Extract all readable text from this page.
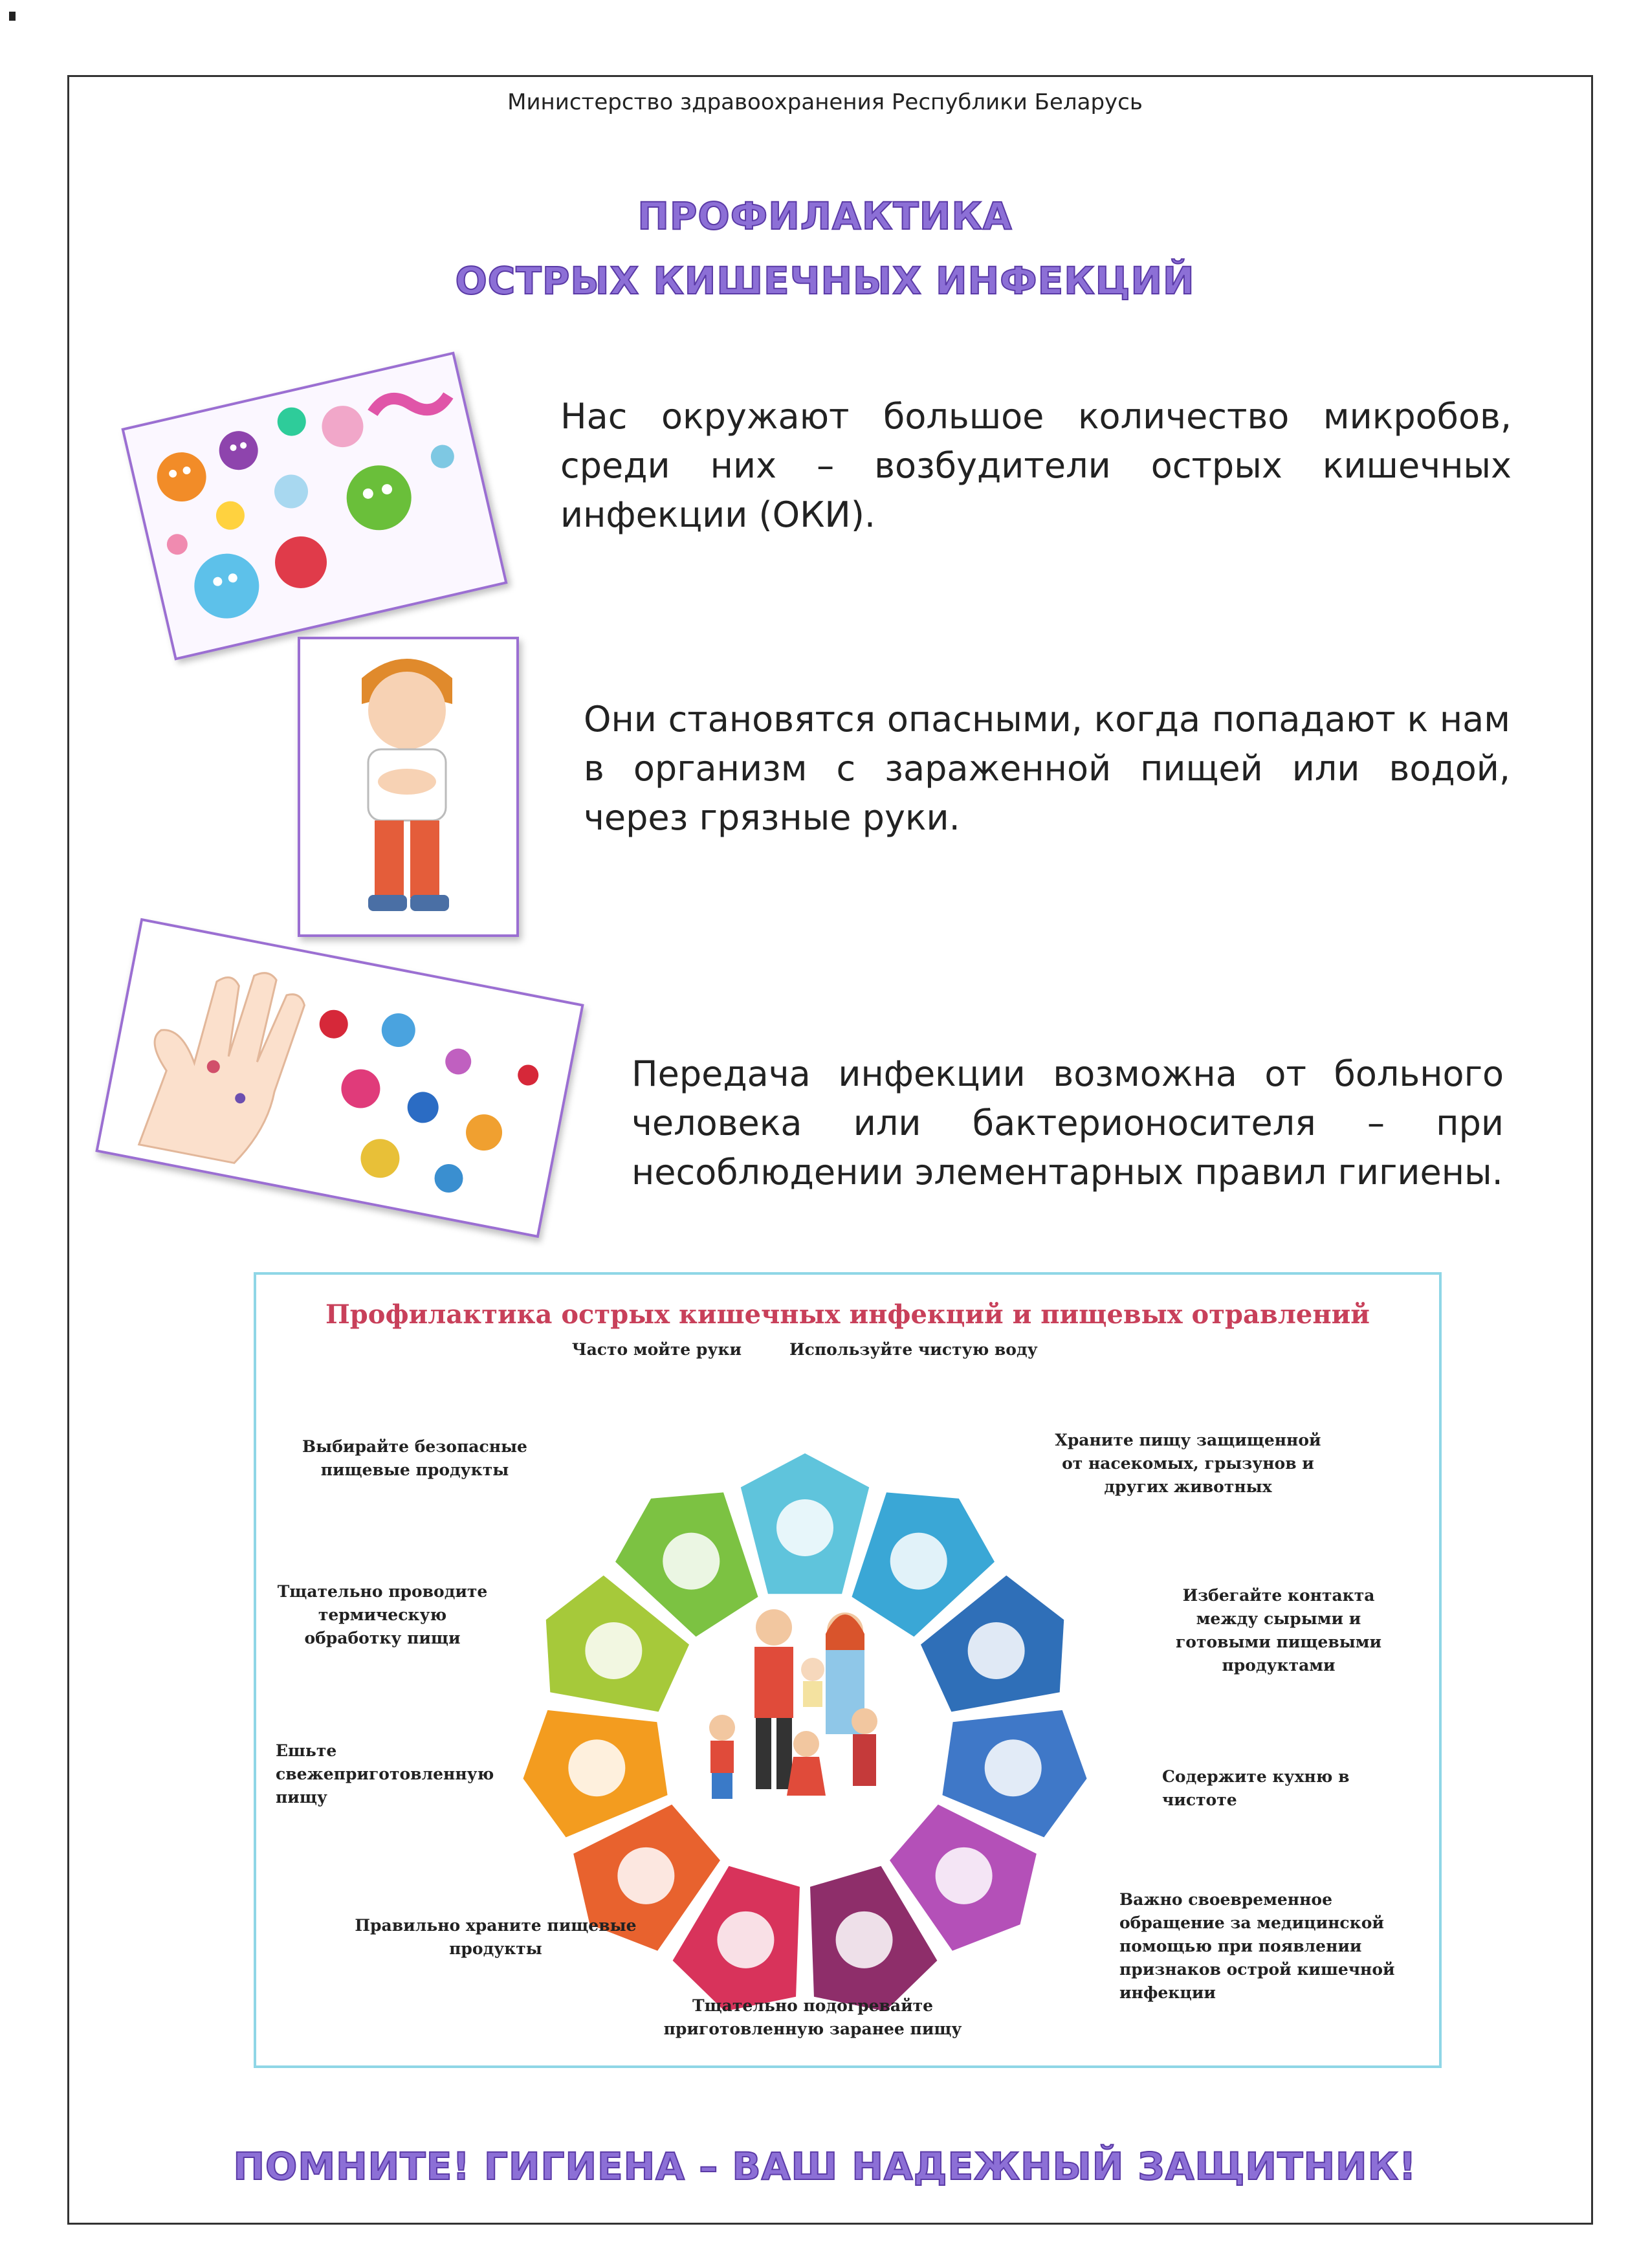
Министерство здравоохранения Республики Беларусь
ПРОФИЛАКТИКА
ОСТРЫХ КИШЕЧНЫХ ИНФЕКЦИЙ
Нас окружают большое количество микробов, среди них – возбудители острых кишечных инфекции (ОКИ).
Они становятся опасными, когда попадают к нам в организм с зараженной пищей или водой, через грязные руки.
Передача инфекции возможна от больного человека или бактерионосителя – при несоблюдении элементарных правил гигиены.
Профилактика острых кишечных инфекций и пищевых отравлений
Часто мойте руки	Используйте чистую воду
Храните пищу защищенной от насекомых, грызунов и других животных
Избегайте контакта между сырыми и готовыми пищевыми продуктами
Содержите кухню в чистоте
Важно своевременное обращение за медицинской помощью при появлении признаков острой кишечной инфекции
Тщательно подогревайте приготовленную заранее пищу
Правильно храните пищевые продукты
Ешьте свежеприготовленную пищу
Тщательно проводите термическую обработку пищи
Выбирайте безопасные пищевые продукты
ПОМНИТЕ! ГИГИЕНА – ВАШ НАДЕЖНЫЙ ЗАЩИТНИК!
